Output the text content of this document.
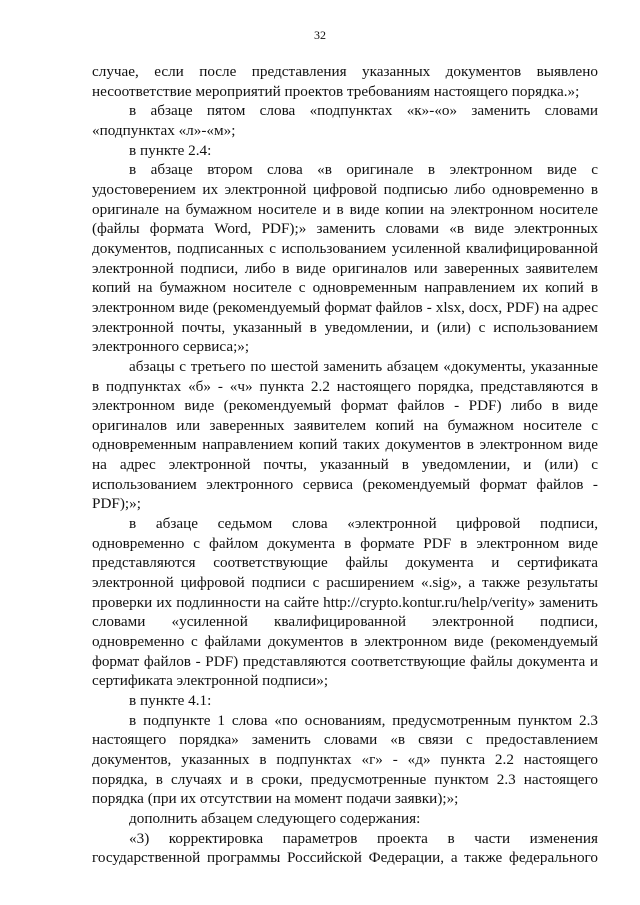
32

случае, если после представления указанных документов выявлено несоответствие мероприятий проектов требованиям настоящего порядка.»;

в абзаце пятом слова «подпунктах «к»-«о» заменить словами «подпунктах «л»-«м»;

в пункте 2.4:

в абзаце втором слова «в оригинале в электронном виде с удостоверением их электронной цифровой подписью либо одновременно в оригинале на бумажном носителе и в виде копии на электронном носителе (файлы формата Word, PDF);» заменить словами «в виде электронных документов, подписанных с использованием усиленной квалифицированной электронной подписи, либо в виде оригиналов или заверенных заявителем копий на бумажном носителе с одновременным направлением их копий в электронном виде (рекомендуемый формат файлов - xlsx, docx, PDF) на адрес электронной почты, указанный в уведомлении, и (или) с использованием электронного сервиса;»;

абзацы с третьего по шестой заменить абзацем «документы, указанные в подпунктах «б» - «ч» пункта 2.2 настоящего порядка, представляются в электронном виде (рекомендуемый формат файлов - PDF) либо в виде оригиналов или заверенных заявителем копий на бумажном носителе с одновременным направлением копий таких документов в электронном виде на адрес электронной почты, указанный в уведомлении, и (или) с использованием электронного сервиса (рекомендуемый формат файлов - PDF);»;

в абзаце седьмом слова «электронной цифровой подписи, одновременно с файлом документа в формате PDF в электронном виде представляются соответствующие файлы документа и сертификата электронной цифровой подписи с расширением «.sig», а также результаты проверки их подлинности на сайте http://crypto.kontur.ru/help/verity» заменить словами «усиленной квалифицированной электронной подписи, одновременно с файлами документов в электронном виде (рекомендуемый формат файлов - PDF) представляются соответствующие файлы документа и сертификата электронной подписи»;

в пункте 4.1:

в подпункте 1 слова «по основаниям, предусмотренным пунктом 2.3 настоящего порядка» заменить словами «в связи с предоставлением документов, указанных в подпунктах «г» - «д» пункта 2.2 настоящего порядка, в случаях и в сроки, предусмотренные пунктом 2.3 настоящего порядка (при их отсутствии на момент подачи заявки);»;

дополнить абзацем следующего содержания:

«3) корректировка параметров проекта в части изменения государственной программы Российской Федерации, а также федерального
